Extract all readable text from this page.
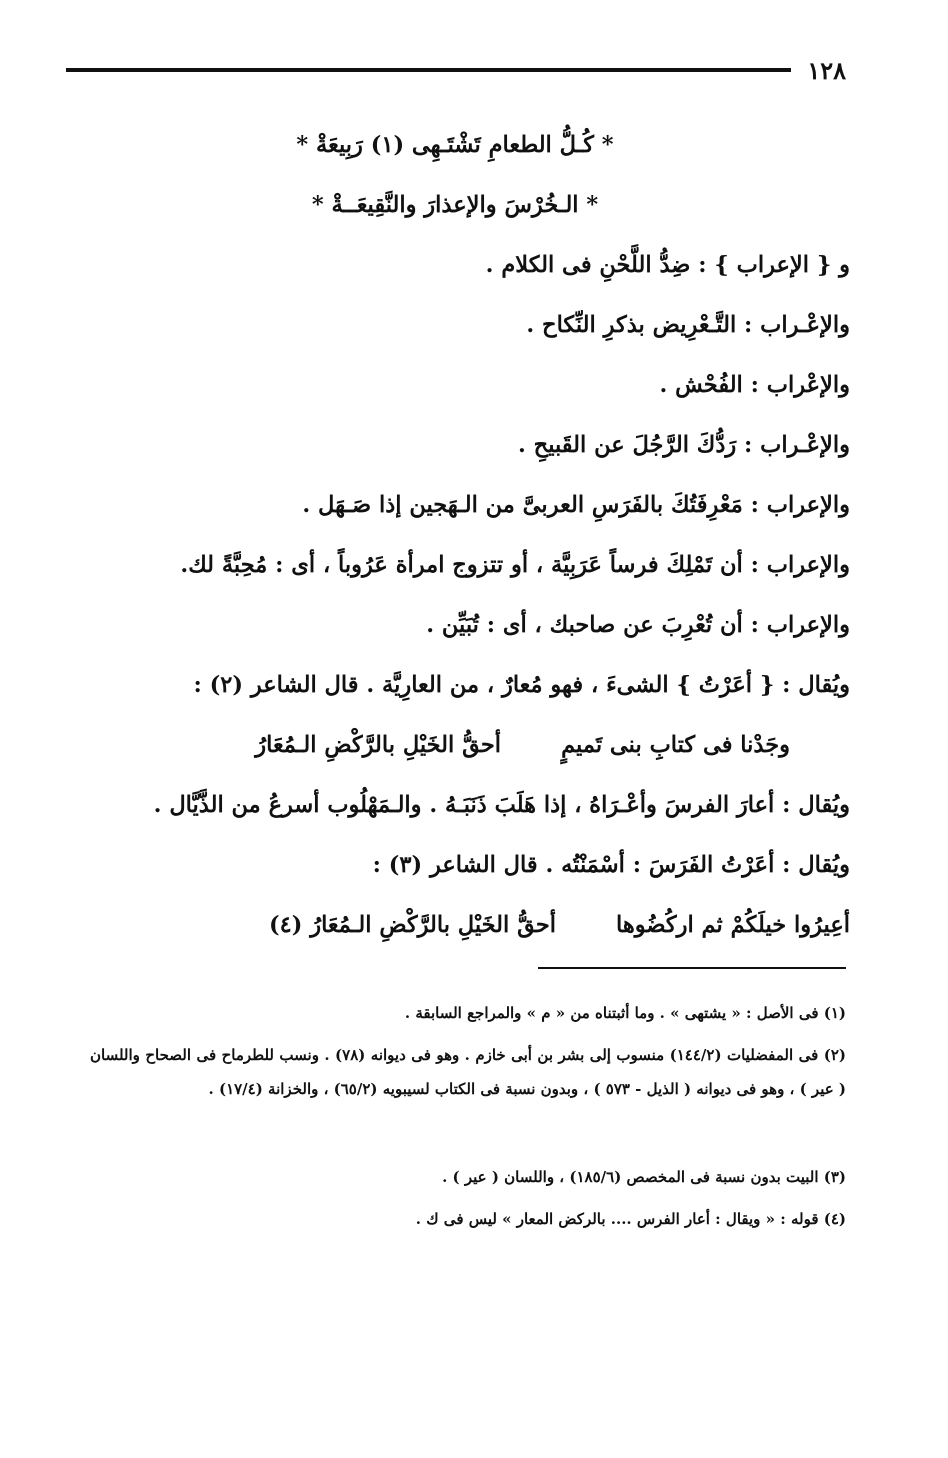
١٢٨
* كُـلُّ الطعامِ تَشْتَـهِى (١) رَبِيعَةْ *
* الـخُرْسَ والإعذارَ والنَّقِيعَــةْ *
و { الإعراب } : ضِدُّ اللَّحْنِ فى الكلام .
والإعْـراب : التَّـعْرِيض بذكرِ النِّكاح .
والإعْراب : الفُحْش .
والإعْـراب : رَدُّكَ الرَّجُلَ عن القَبيحِ .
والإعراب : مَعْرِفَتُكَ بالفَرَسِ العربىَّ من الـهَجين إذا صَـهَل .
والإعراب : أن تَمْلِكَ فرساً عَرَبِيَّة ، أو تتزوج امرأة عَرُوباً ، أى : مُحِبَّةً لك.
والإعراب : أن تُعْرِبَ عن صاحبك ، أى : تُبَيِّن .
ويُقال : { أعَرْتُ } الشىءَ ، فهو مُعارٌ ، من العارِيَّة . قال الشاعر (٢) :
وجَدْنا فى كتابِ بنى تَميمٍ
أحقُّ الخَيْلِ بالرَّكْضِ الـمُعَارُ
ويُقال : أعارَ الفرسَ وأعْـرَاهُ ، إذا هَلَبَ ذَنَبَـهُ . والـمَهْلُوب أسرعُ من الذَّيَّال .
ويُقال : أعَرْتُ الفَرَسَ : أسْمَنْتُه . قال الشاعر (٣) :
أعِيرُوا خيلَكُمْ ثم اركُضُوها
أحقُّ الخَيْلِ بالرَّكْضِ الـمُعَارُ (٤)
(١) فى الأصل : « يشتهى » . وما أثبتناه من « م » والمراجع السابقة .
(٢) فى المفضليات (١٤٤/٢) منسوب إلى بشر بن أبى خازم . وهو فى ديوانه (٧٨) . ونسب للطرماح فى الصحاح واللسان ( عير ) ، وهو فى ديوانه ( الذيل - ٥٧٣ ) ، وبدون نسبة فى الكتاب لسيبويه (٦٥/٢) ، والخزانة (١٧/٤) .
(٣) البيت بدون نسبة فى المخصص (١٨٥/٦) ، واللسان ( عير ) .
(٤) قوله : « ويقال : أعار الفرس .... بالركض المعار » ليس فى ك .
